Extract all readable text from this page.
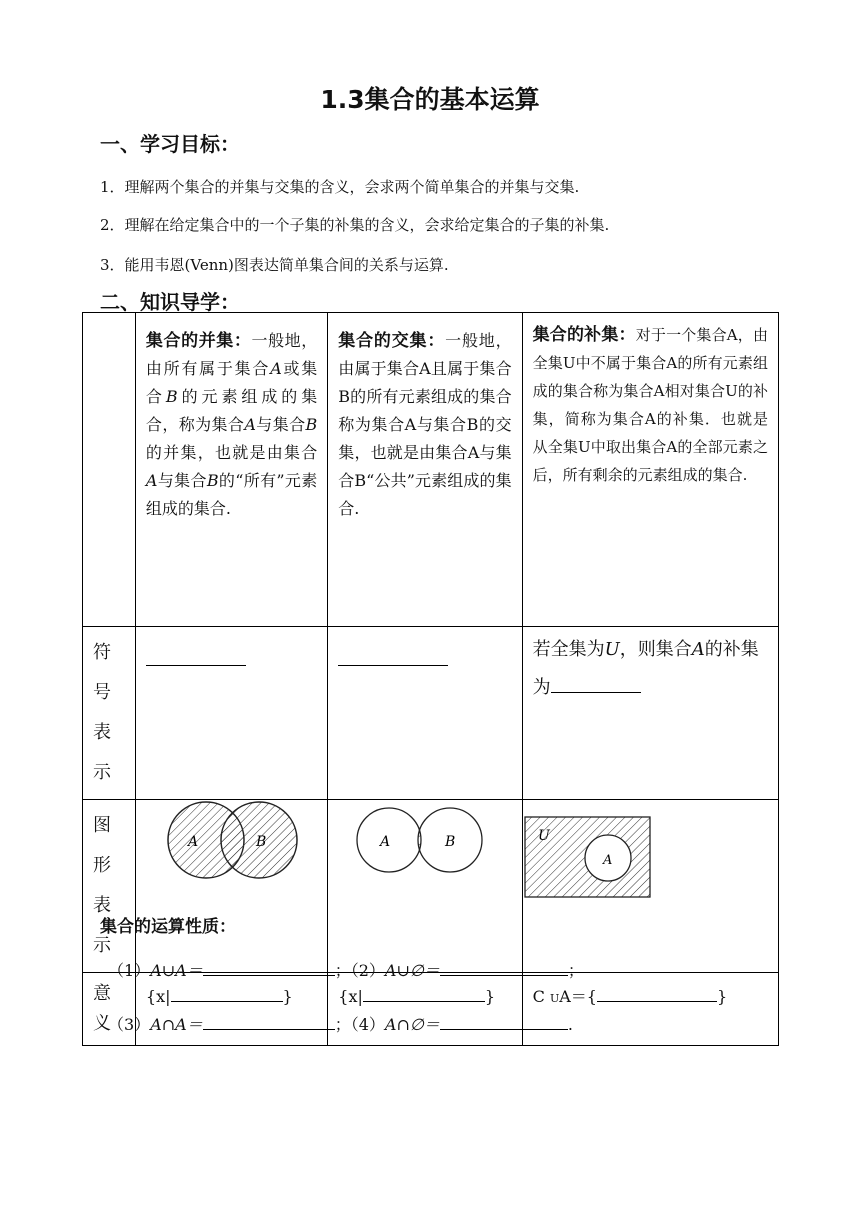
1.3集合的基本运算
一、学习目标：
1．理解两个集合的并集与交集的含义，会求两个简单集合的并集与交集.
2．理解在给定集合中的一个子集的补集的含义，会求给定集合的子集的补集.
3．能用韦恩(Venn)图表达简单集合间的关系与运算.
二、知识导学：
	集合的并集：一般地，由所有属于集合A或集合B的元素组成的集合，称为集合A与集合B的并集，也就是由集合A与集合B的“所有”元素组成的集合.	集合的交集：一般地，由属于集合A且属于集合B的所有元素组成的集合称为集合A与集合B的交集，也就是由集合A与集合B“公共”元素组成的集合.	集合的补集：对于一个集合A，由全集U中不属于集合A的所有元素组成的集合称为集合A相对集合U的补集，简称为集合A的补集．也就是从全集U中取出集合A的全部元素之后，所有剩余的元素组成的集合.
符号表示			若全集为U，则集合A的补集为
图形表示	A B	A B	U
A

意义	{x| }	{x| }	C UA＝{ }
集合的运算性质：
（1）A∪A＝	；（2）A∪∅＝	；
（3）A∩A＝	；（4）A∩∅＝	.
